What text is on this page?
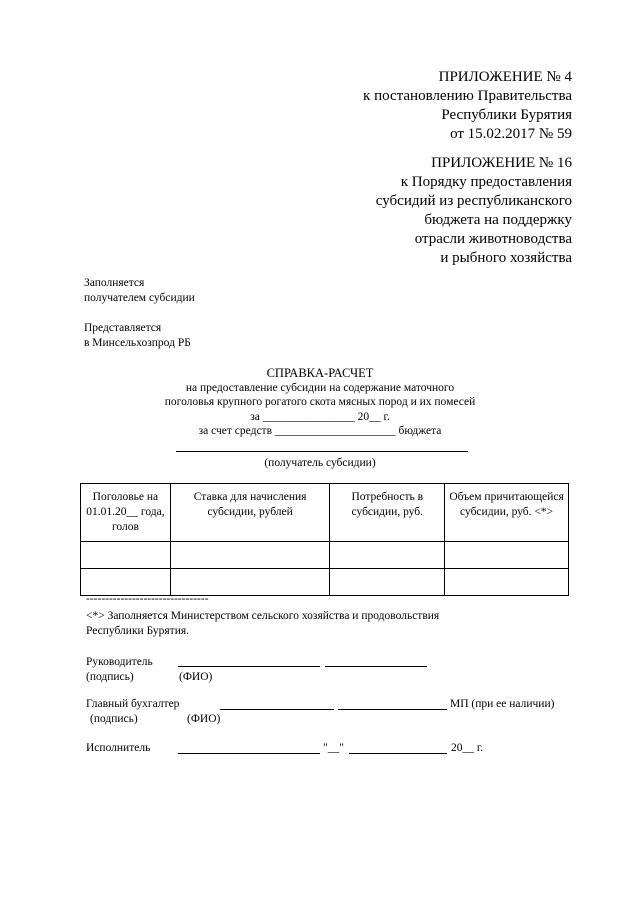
ПРИЛОЖЕНИЕ № 4
к постановлению Правительства
Республики Бурятия
от 15.02.2017 № 59
ПРИЛОЖЕНИЕ № 16
к Порядку предоставления
субсидий из республиканского
бюджета на поддержку
отрасли животноводства
и рыбного хозяйства
Заполняется
получателем субсидии
Представляется
в Минсельхозпрод РБ
СПРАВКА-РАСЧЕТ
на предоставление субсидии на содержание маточного
поголовья крупного рогатого скота мясных пород и их помесей
за ________________ 20__ г.
за счет средств _____________________ бюджета
(получатель субсидии)
Поголовье на 01.01.20__ года, голов	Ставка для начисления субсидии, рублей	Потребность в субсидии, руб.	Объем причитающейся субсидии, руб. <*>

--------------------------------
<*> Заполняется Министерством сельского хозяйства и продовольствия
Республики Бурятия.
Руководитель
(подпись)	(ФИО)
Главный бухгалтер	МП (при ее наличии)
(подпись)	(ФИО)
Исполнитель	"__"	20__ г.
